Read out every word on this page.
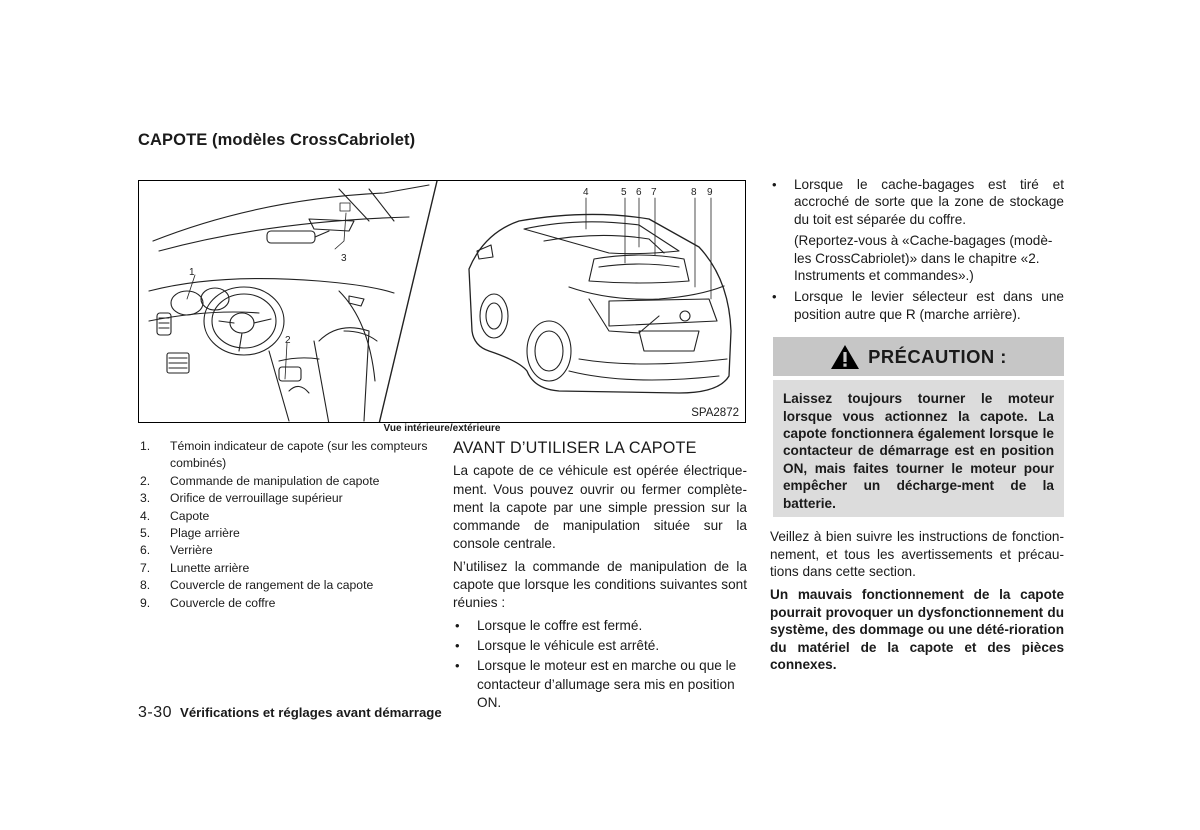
CAPOTE (modèles CrossCabriolet)
1
2
3
4	5 6 7	8 9
SPA2872
Vue intérieure/extérieure
1. Témoin indicateur de capote (sur les compteurs combinés)
2. Commande de manipulation de capote
3. Orifice de verrouillage supérieur
4. Capote
5. Plage arrière
6. Verrière
7. Lunette arrière
8. Couvercle de rangement de la capote
9. Couvercle de coffre
AVANT D’UTILISER LA CAPOTE

La capote de ce véhicule est opérée électrique-ment. Vous pouvez ouvrir ou fermer complète-ment la capote par une simple pression sur la commande de manipulation située sur la console centrale.

N’utilisez la commande de manipulation de la capote que lorsque les conditions suivantes sont réunies :

• Lorsque le coffre est fermé.
• Lorsque le véhicule est arrêté.
• Lorsque le moteur est en marche ou que le contacteur d’allumage sera mis en position ON.
• Lorsque le cache-bagages est tiré et accroché de sorte que la zone de stockage du toit est séparée du coffre.

(Reportez-vous à «Cache-bagages (modè-les CrossCabriolet)» dans le chapitre «2. Instruments et commandes».)

• Lorsque le levier sélecteur est dans une position autre que R (marche arrière).
PRÉCAUTION :
Laissez toujours tourner le moteur lorsque vous actionnez la capote. La capote fonctionnera également lorsque le contacteur de démarrage est en position ON, mais faites tourner le moteur pour empêcher un décharge-ment de la batterie.

Veillez à bien suivre les instructions de fonction-nement, et tous les avertissements et précau-tions dans cette section.

Un mauvais fonctionnement de la capote pourrait provoquer un dysfonctionnement du système, des dommage ou une dété-rioration du matériel de la capote et des pièces connexes.

3-30 Vérifications et réglages avant démarrage
